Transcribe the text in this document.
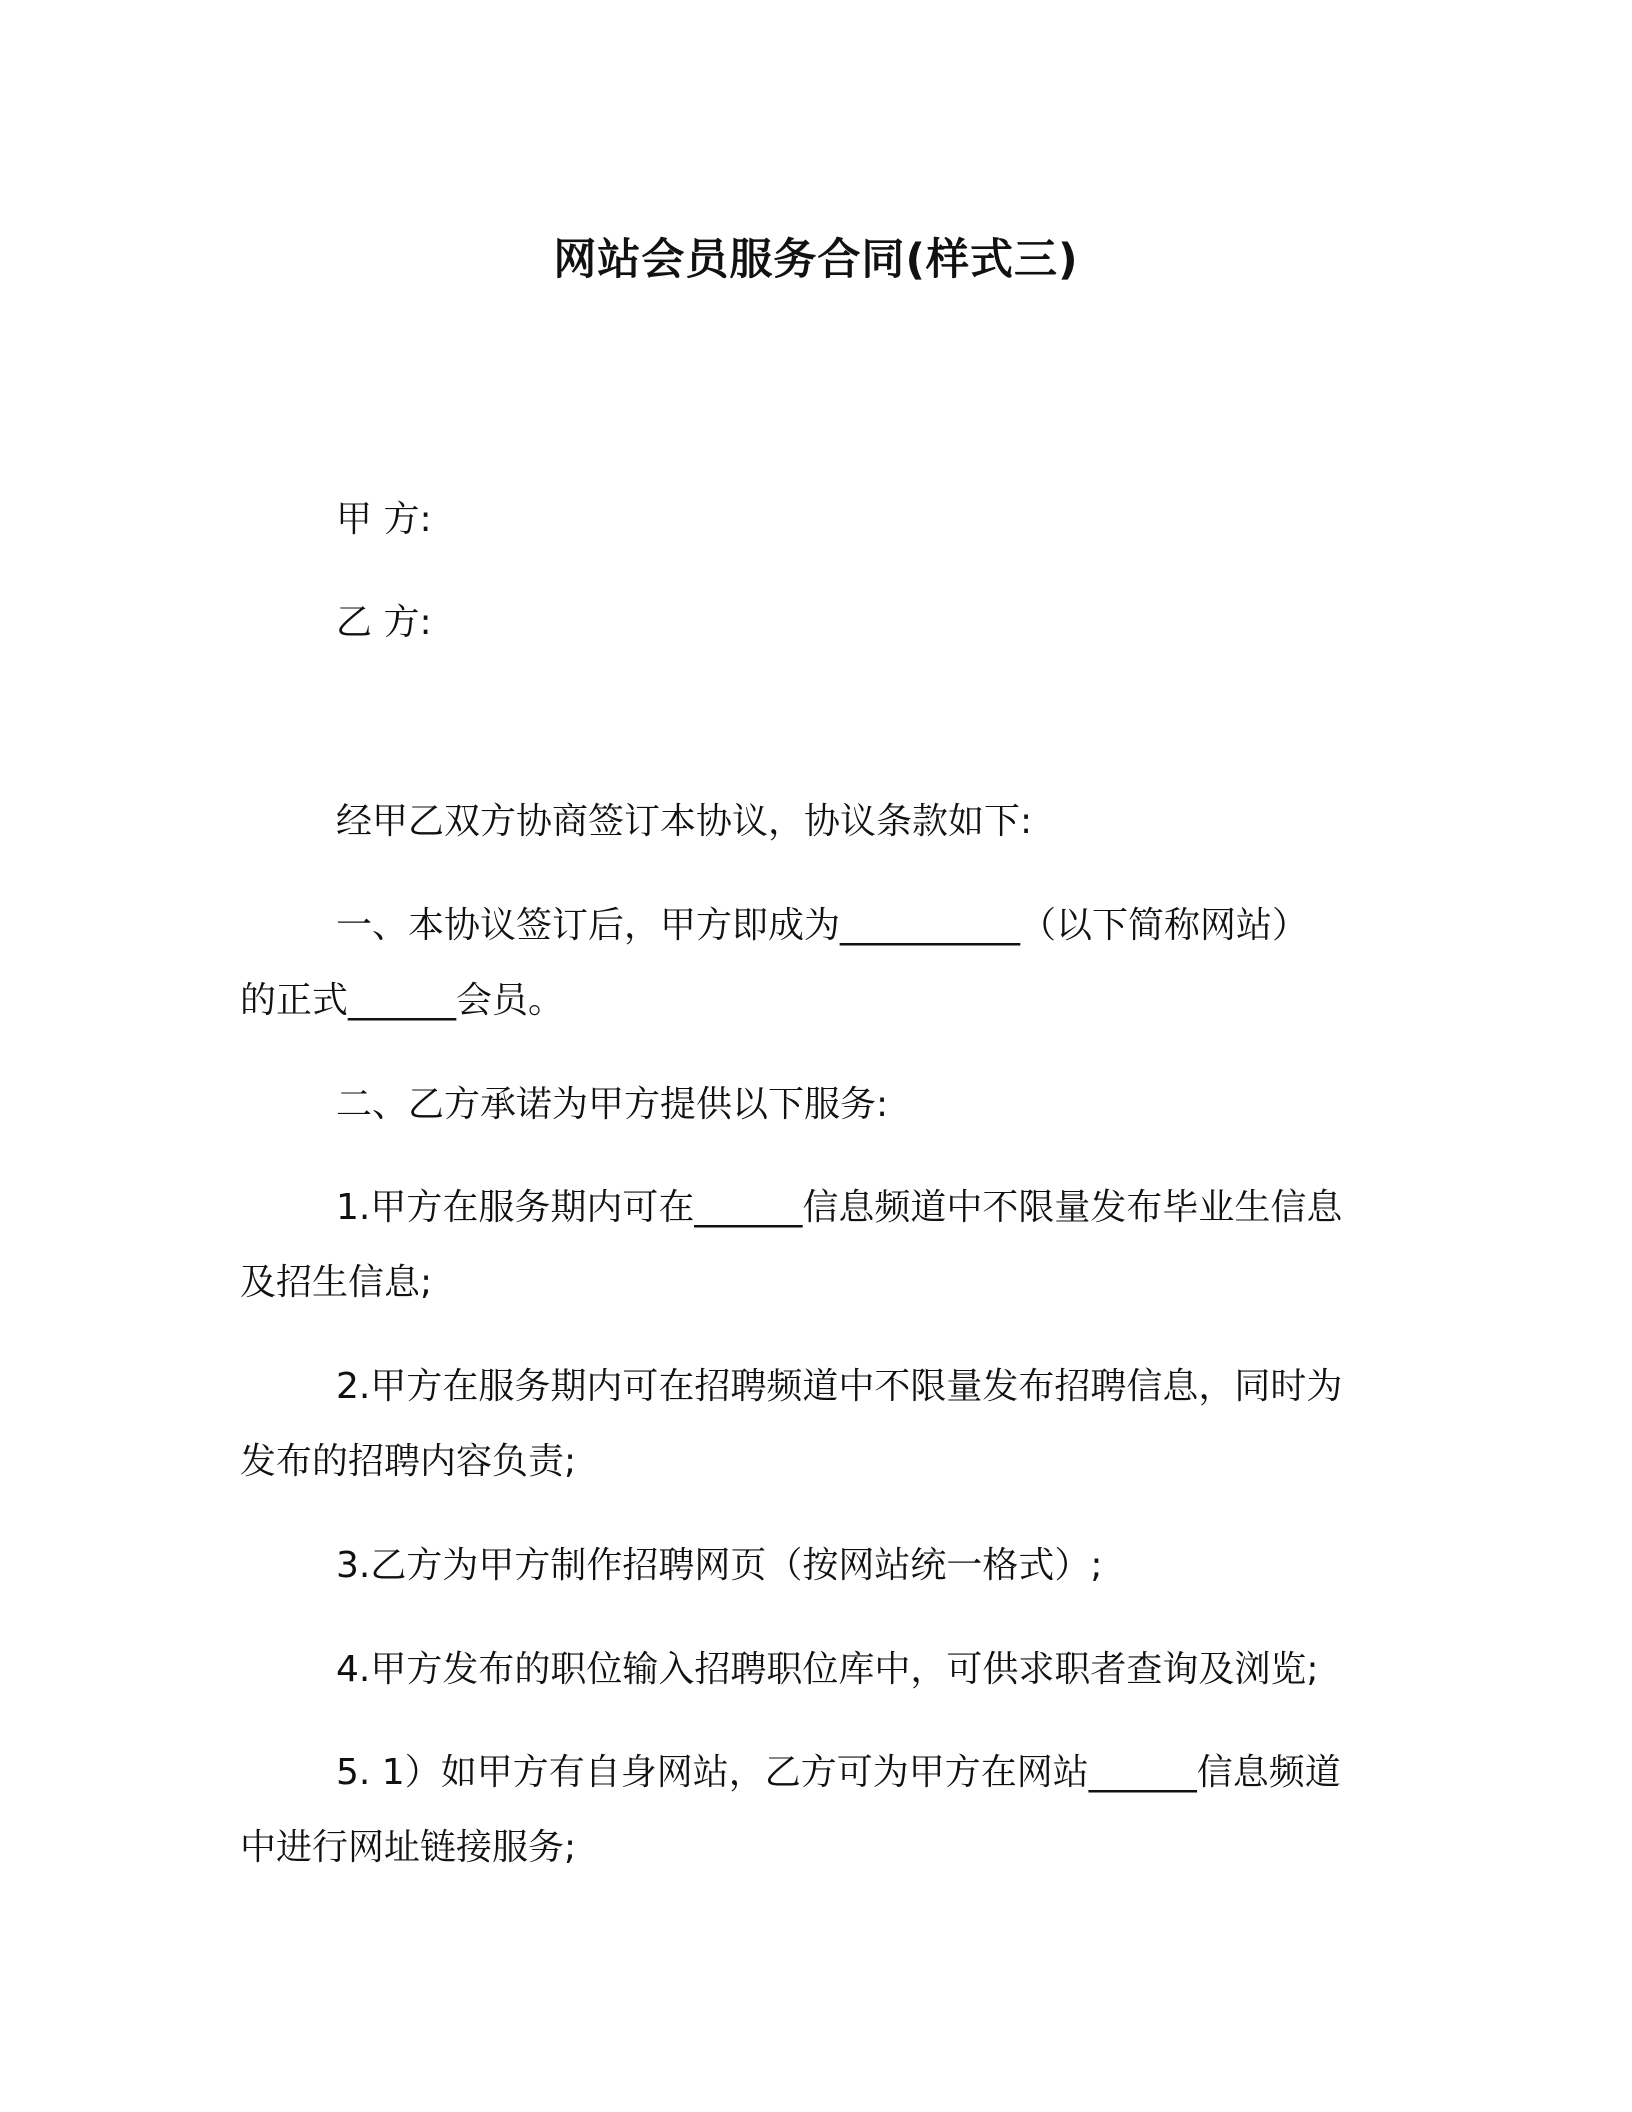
网站会员服务合同(样式三)
甲 方:
乙 方:
经甲乙双方协商签订本协议，协议条款如下:
一、本协议签订后，甲方即成为__________（以下简称网站）
的正式______会员。
二、乙方承诺为甲方提供以下服务:
1.甲方在服务期内可在______信息频道中不限量发布毕业生信息
及招生信息;
2.甲方在服务期内可在招聘频道中不限量发布招聘信息，同时为
发布的招聘内容负责;
3.乙方为甲方制作招聘网页（按网站统一格式）;
4.甲方发布的职位输入招聘职位库中，可供求职者查询及浏览;
5. 1）如甲方有自身网站，乙方可为甲方在网站______信息频道
中进行网址链接服务;
